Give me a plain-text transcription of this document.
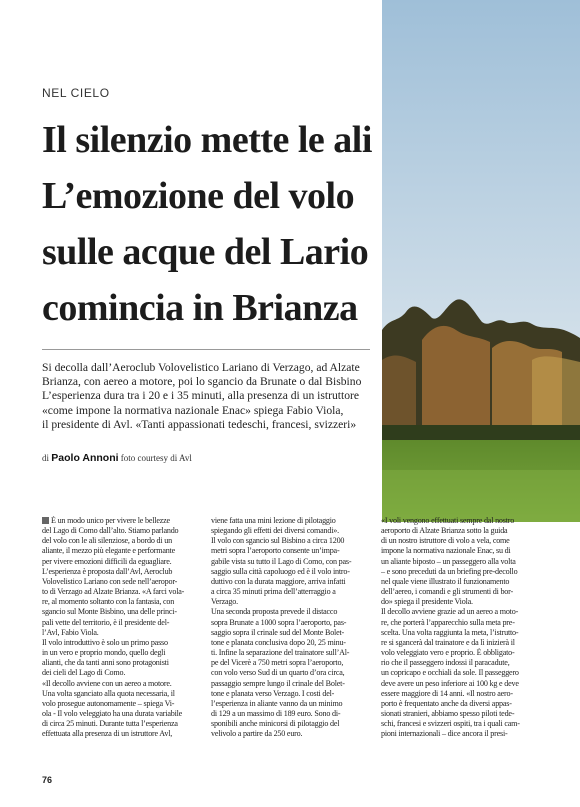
NEL CIELO
Il silenzio mette le ali
L’emozione del volo
sulle acque del Lario
comincia in Brianza
Si decolla dall’Aeroclub Volovelistico Lariano di Verzago, ad Alzate
Brianza, con aereo a motore, poi lo sgancio da Brunate o dal Bisbino
L’esperienza dura tra i 20 e i 35 minuti, alla presenza di un istruttore
«come impone la normativa nazionale Enac» spiega Fabio Viola,
il presidente di Avl. «Tanti appassionati tedeschi, francesi, svizzeri»
di Paolo Annoni foto courtesy di Avl
È un modo unico per vivere le bellezze
del Lago di Como dall’alto. Stiamo parlando
del volo con le ali silenziose, a bordo di un
aliante, il mezzo più elegante e performante
per vivere emozioni difficili da eguagliare.
L’esperienza è proposta dall’Avl, Aeroclub
Volovelistico Lariano con sede nell’aeropor-
to di Verzago ad Alzate Brianza. «A farci vola-
re, al momento soltanto con la fantasia, con
sgancio sul Monte Bisbino, una delle princi-
pali vette del territorio, è il presidente del-
l’Avl, Fabio Viola.
Il volo introduttivo è solo un primo passo
in un vero e proprio mondo, quello degli
alianti, che da tanti anni sono protagonisti
dei cieli del Lago di Como.
«Il decollo avviene con un aereo a motore.
Una volta sganciato alla quota necessaria, il
volo prosegue autonomamente – spiega Vi-
ola - Il volo veleggiato ha una durata variabile
di circa 25 minuti. Durante tutta l’esperienza
effettuata alla presenza di un istruttore Avl,
viene fatta una mini lezione di pilotaggio
spiegando gli effetti dei diversi comandi».
Il volo con sgancio sul Bisbino a circa 1200
metri sopra l’aeroporto consente un’impa-
gabile vista su tutto il Lago di Como, con pas-
saggio sulla città capoluogo ed è il volo intro-
duttivo con la durata maggiore, arriva infatti
a circa 35 minuti prima dell’atterraggio a
Verzago.
Una seconda proposta prevede il distacco
sopra Brunate a 1000 sopra l’aeroporto, pas-
saggio sopra il crinale sud del Monte Bolet-
tone e planata conclusiva dopo 20, 25 minu-
ti. Infine la separazione del trainatore sull’Al-
pe del Vicerè a 750 metri sopra l’aeroporto,
con volo verso Sud di un quarto d’ora circa,
passaggio sempre lungo il crinale del Bolet-
tone e planata verso Verzago. I costi del-
l’esperienza in aliante vanno da un minimo
di 129 a un massimo di 189 euro. Sono di-
sponibili anche minicorsi di pilotaggio del
velivolo a partire da 250 euro.
«I voli vengono effettuati sempre dal nostro
aeroporto di Alzate Brianza sotto la guida
di un nostro istruttore di volo a vela, come
impone la normativa nazionale Enac, su di
un aliante biposto – un passeggero alla volta
– e sono preceduti da un briefing pre-decollo
nel quale viene illustrato il funzionamento
dell’aereo, i comandi e gli strumenti di bor-
do» spiega il presidente Viola.
Il decollo avviene grazie ad un aereo a moto-
re, che porterà l’apparecchio sulla meta pre-
scelta. Una volta raggiunta la meta, l’istrutto-
re si sgancerà dal trainatore e da lì inizierà il
volo veleggiato vero e proprio. È obbligato-
rio che il passeggero indossi il paracadute,
un copricapo e occhiali da sole. Il passeggero
deve avere un peso inferiore ai 100 kg e deve
essere maggiore di 14 anni. «Il nostro aero-
porto è frequentato anche da diversi appas-
sionati stranieri, abbiamo spesso piloti tede-
schi, francesi e svizzeri ospiti, tra i quali cam-
pioni internazionali – dice ancora il presi-
76
